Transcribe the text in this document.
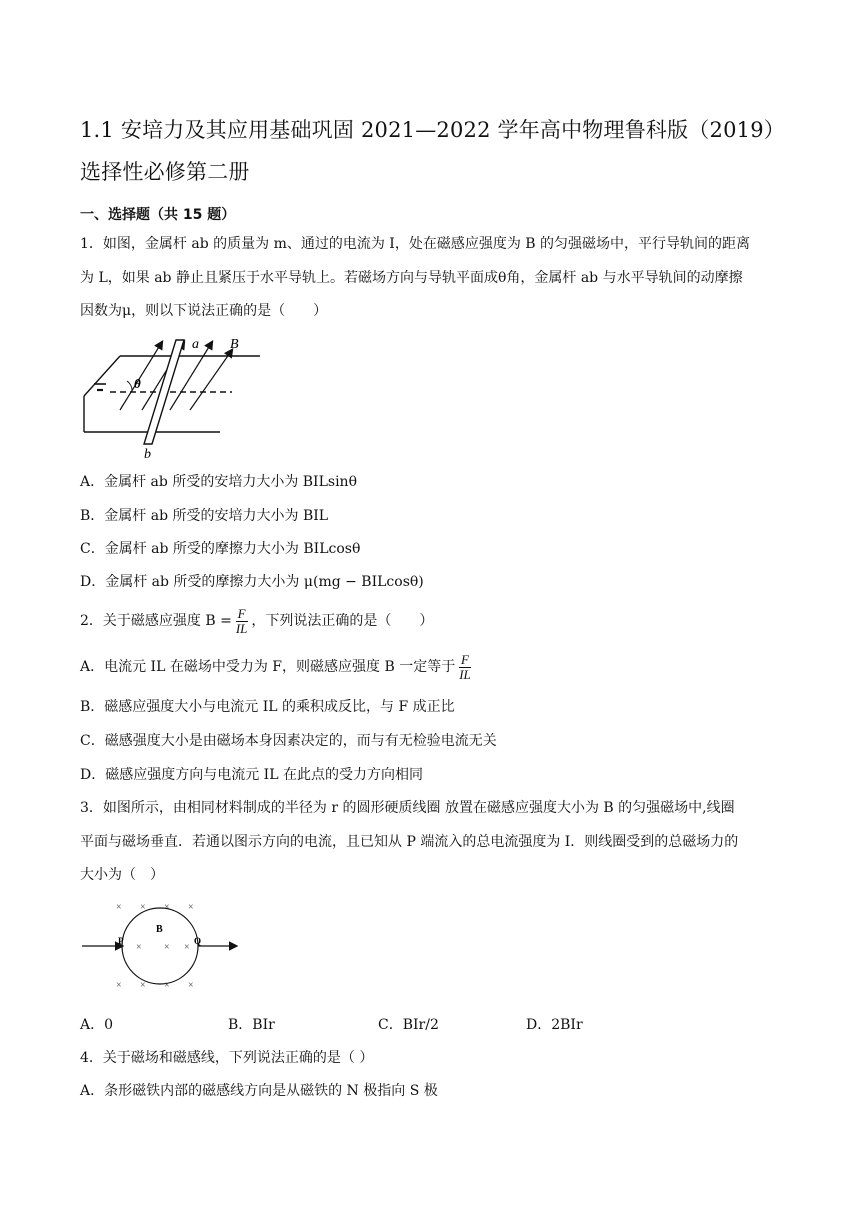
1.1 安培力及其应用基础巩固 2021—2022 学年高中物理鲁科版（2019）
选择性必修第二册
一、选择题（共 15 题）
1．如图，金属杆 ab 的质量为 m、通过的电流为 I，处在磁感应强度为 B 的匀强磁场中，平行导轨间的距离
为 L，如果 ab 静止且紧压于水平导轨上。若磁场方向与导轨平面成θ角，金属杆 ab 与水平导轨间的动摩擦
因数为μ，则以下说法正确的是（　　）
θ
a B
b
A．金属杆 ab 所受的安培力大小为 BILsinθ
B．金属杆 ab 所受的安培力大小为 BIL
C．金属杆 ab 所受的摩擦力大小为 BILcosθ
D．金属杆 ab 所受的摩擦力大小为 μ(mg − BILcosθ)
2．关于磁感应强度 $B = \frac{F}{IL}$ ，下列说法正确的是（　　）
A．电流元 IL 在磁场中受力为 F，则磁感应强度 B 一定等于 $\frac{F}{IL}$
B．磁感应强度大小与电流元 IL 的乘积成反比，与 F 成正比
C．磁感强度大小是由磁场本身因素决定的，而与有无检验电流无关
D．磁感应强度方向与电流元 IL 在此点的受力方向相同
3．如图所示，由相同材料制成的半径为 r 的圆形硬质线圈 放置在磁感应强度大小为 B 的匀强磁场中,线圈
平面与磁场垂直．若通以图示方向的电流，且已知从 P 端流入的总电流强度为 I．则线圈受到的总磁场力的
大小为（　）
P	Q
B
× × × ×
× × ×
× × × ×
A．0	B．BIr	C．BIr/2	D．2BIr
4．关于磁场和磁感线，下列说法正确的是（ ）
A．条形磁铁内部的磁感线方向是从磁铁的 N 极指向 S 极
